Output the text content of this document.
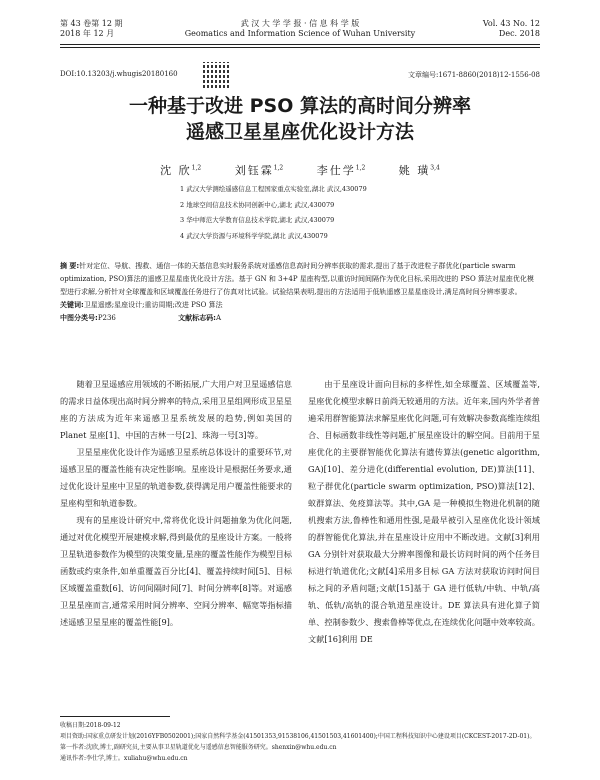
第 43 卷第 12 期
2018 年 12 月
武 汉 大 学 学 报 · 信 息 科 学 版
Geomatics and Information Science of Wuhan University
Vol. 43 No. 12
Dec. 2018
DOI:10.13203/j.whugis20180160	文章编号:1671-8860(2018)12-1556-08
一种基于改进 PSO 算法的高时间分辨率
遥感卫星星座优化设计方法
沈 欣$^{1,2}$	刘钰霖$^{1,2}$	李仕学$^{1,2}$	姚 璜$^{3,4}$
1 武汉大学测绘遥感信息工程国家重点实验室,湖北 武汉,430079
2 地球空间信息技术协同创新中心,湖北 武汉,430079
3 华中师范大学教育信息技术学院,湖北 武汉,430079
4 武汉大学资源与环境科学学院,湖北 武汉,430079
摘 要:针对定位、导航、搜救、通信一体的天基信息实时服务系统对遥感信息高时间分辨率获取的需求,提出了基于改进粒子群优化(particle swarm optimization, PSO)算法的遥感卫星星座优化设计方法。基于 GN 和 3+4P 星座构型,以重访时间间隔作为优化目标,采用改进的 PSO 算法对星座优化模型进行求解,分析针对全球覆盖和区域覆盖任务进行了仿真对比试验。试验结果表明,提出的方法适用于低轨遥感卫星星座设计,满足高时间分辨率要求。
关键词:卫星遥感;星座设计;重访周期;改进 PSO 算法
中图分类号:P236	文献标志码:A

随着卫星遥感应用领域的不断拓展,广大用户对卫星遥感信息的需求日益体现出高时间分辨率的特点,采用卫星组网形成卫星星座的方法成为近年来遥感卫星系统发展的趋势,例如美国的 Planet 星座[1]、中国的吉林一号[2]、珠海一号[3]等。

卫星星座优化设计作为遥感卫星系统总体设计的重要环节,对遥感卫星的覆盖性能有决定性影响。星座设计是根据任务要求,通过优化设计星座中卫星的轨道参数,获得满足用户覆盖性能要求的星座构型和轨道参数。

现有的星座设计研究中,常将优化设计问题抽象为优化问题,通过对优化模型开展建模求解,得到最优的星座设计方案。一般将卫星轨道参数作为模型的决策变量,星座的覆盖性能作为模型目标函数或约束条件,如单重覆盖百分比[4]、覆盖持续时间[5]、目标区域覆盖重数[6]、访问间隔时间[7]、时间分辨率[8]等。对遥感卫星星座而言,通常采用时间分辨率、空间分辨率、幅宽等指标描述遥感卫星星座的覆盖性能[9]。

由于星座设计面向目标的多样性,如全球覆盖、区域覆盖等,星座优化模型求解日前尚无较通用的方法。近年来,国内外学者普遍采用群智能算法求解星座优化问题,可有效解决参数高维连续组合、目标函数非线性等问题,扩展星座设计的解空间。目前用于星座优化的主要群智能优化算法有遗传算法(genetic algorithm, GA)[10]、差分进化(differential evolution, DE)算法[11]、粒子群优化(particle swarm optimization, PSO)算法[12]、蚁群算法、免疫算法等。其中,GA 是一种模拟生物进化机制的随机搜索方法,鲁棒性和通用性强,是最早被引入星座优化设计领域的群智能优化算法,并在星座设计应用中不断改进。文献[3]利用 GA 分别针对获取最大分辨率图像和最长访问时间的两个任务目标进行轨道优化;文献[4]采用多目标 GA 方法对获取访问时间目标之间的矛盾问题;文献[15]基于 GA 进行低轨/中轨、中轨/高轨、低轨/高轨的混合轨道星座设计。DE 算法具有进化算子简单、控制参数少、搜索鲁棒等优点,在连续优化问题中效率较高。文献[16]利用 DE

收稿日期:2018-09-12
项目资助:国家重点研发计划(2016YFB0502001);国家自然科学基金(41501353,91538106,41501503,41601400);中国工程科技知识中心建设项目(CKCEST-2017-2D-01)。
第一作者:沈欣,博士,副研究员,主要从事卫星轨道优化与遥感信息智能服务研究。shenxin@whu.edu.cn
通讯作者:李仕学,博士。xuliahu@whu.edu.cn
